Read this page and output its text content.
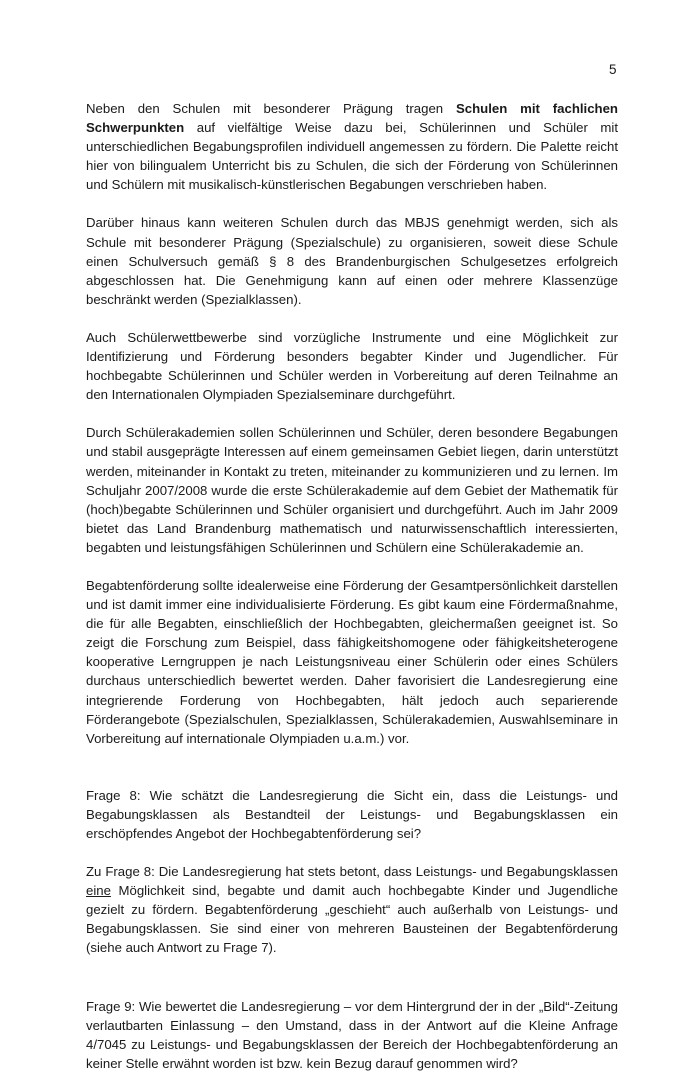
5

Neben den Schulen mit besonderer Prägung tragen Schulen mit fachlichen Schwerpunkten auf vielfältige Weise dazu bei, Schülerinnen und Schüler mit unterschiedlichen Begabungsprofilen individuell angemessen zu fördern. Die Palette reicht hier von bilingualem Unterricht bis zu Schulen, die sich der Förderung von Schülerinnen und Schülern mit musikalisch-künstlerischen Begabungen verschrieben haben.

Darüber hinaus kann weiteren Schulen durch das MBJS genehmigt werden, sich als Schule mit besonderer Prägung (Spezialschule) zu organisieren, soweit diese Schule einen Schulversuch gemäß § 8 des Brandenburgischen Schulgesetzes erfolgreich abgeschlossen hat. Die Genehmigung kann auf einen oder mehrere Klassenzüge beschränkt werden (Spezialklassen).

Auch Schülerwettbewerbe sind vorzügliche Instrumente und eine Möglichkeit zur Identifizierung und Förderung besonders begabter Kinder und Jugendlicher. Für hochbegabte Schülerinnen und Schüler werden in Vorbereitung auf deren Teilnahme an den Internationalen Olympiaden Spezialseminare durchgeführt.

Durch Schülerakademien sollen Schülerinnen und Schüler, deren besondere Begabungen und stabil ausgeprägte Interessen auf einem gemeinsamen Gebiet liegen, darin unterstützt werden, miteinander in Kontakt zu treten, miteinander zu kommunizieren und zu lernen. Im Schuljahr 2007/2008 wurde die erste Schülerakademie auf dem Gebiet der Mathematik für (hoch)begabte Schülerinnen und Schüler organisiert und durchgeführt. Auch im Jahr 2009 bietet das Land Brandenburg mathematisch und naturwissenschaftlich interessierten, begabten und leistungsfähigen Schülerinnen und Schülern eine Schülerakademie an.

Begabtenförderung sollte idealerweise eine Förderung der Gesamtpersönlichkeit darstellen und ist damit immer eine individualisierte Förderung. Es gibt kaum eine Fördermaßnahme, die für alle Begabten, einschließlich der Hochbegabten, gleichermaßen geeignet ist. So zeigt die Forschung zum Beispiel, dass fähigkeitshomogene oder fähigkeitsheterogene kooperative Lerngruppen je nach Leistungsniveau einer Schülerin oder eines Schülers durchaus unterschiedlich bewertet werden. Daher favorisiert die Landesregierung eine integrierende Forderung von Hochbegabten, hält jedoch auch separierende Förderangebote (Spezialschulen, Spezialklassen, Schülerakademien, Auswahlseminare in Vorbereitung auf internationale Olympiaden u.a.m.) vor.

Frage 8: Wie schätzt die Landesregierung die Sicht ein, dass die Leistungs- und Begabungsklassen als Bestandteil der Leistungs- und Begabungsklassen ein erschöpfendes Angebot der Hochbegabtenförderung sei?

Zu Frage 8: Die Landesregierung hat stets betont, dass Leistungs- und Begabungsklassen eine Möglichkeit sind, begabte und damit auch hochbegabte Kinder und Jugendliche gezielt zu fördern. Begabtenförderung „geschieht“ auch außerhalb von Leistungs- und Begabungsklassen. Sie sind einer von mehreren Bausteinen der Begabtenförderung (siehe auch Antwort zu Frage 7).

Frage 9: Wie bewertet die Landesregierung – vor dem Hintergrund der in der „Bild“-Zeitung verlautbarten Einlassung – den Umstand, dass in der Antwort auf die Kleine Anfrage 4/7045 zu Leistungs- und Begabungsklassen der Bereich der Hochbegabtenförderung an keiner Stelle erwähnt worden ist bzw. kein Bezug darauf genommen wird?
